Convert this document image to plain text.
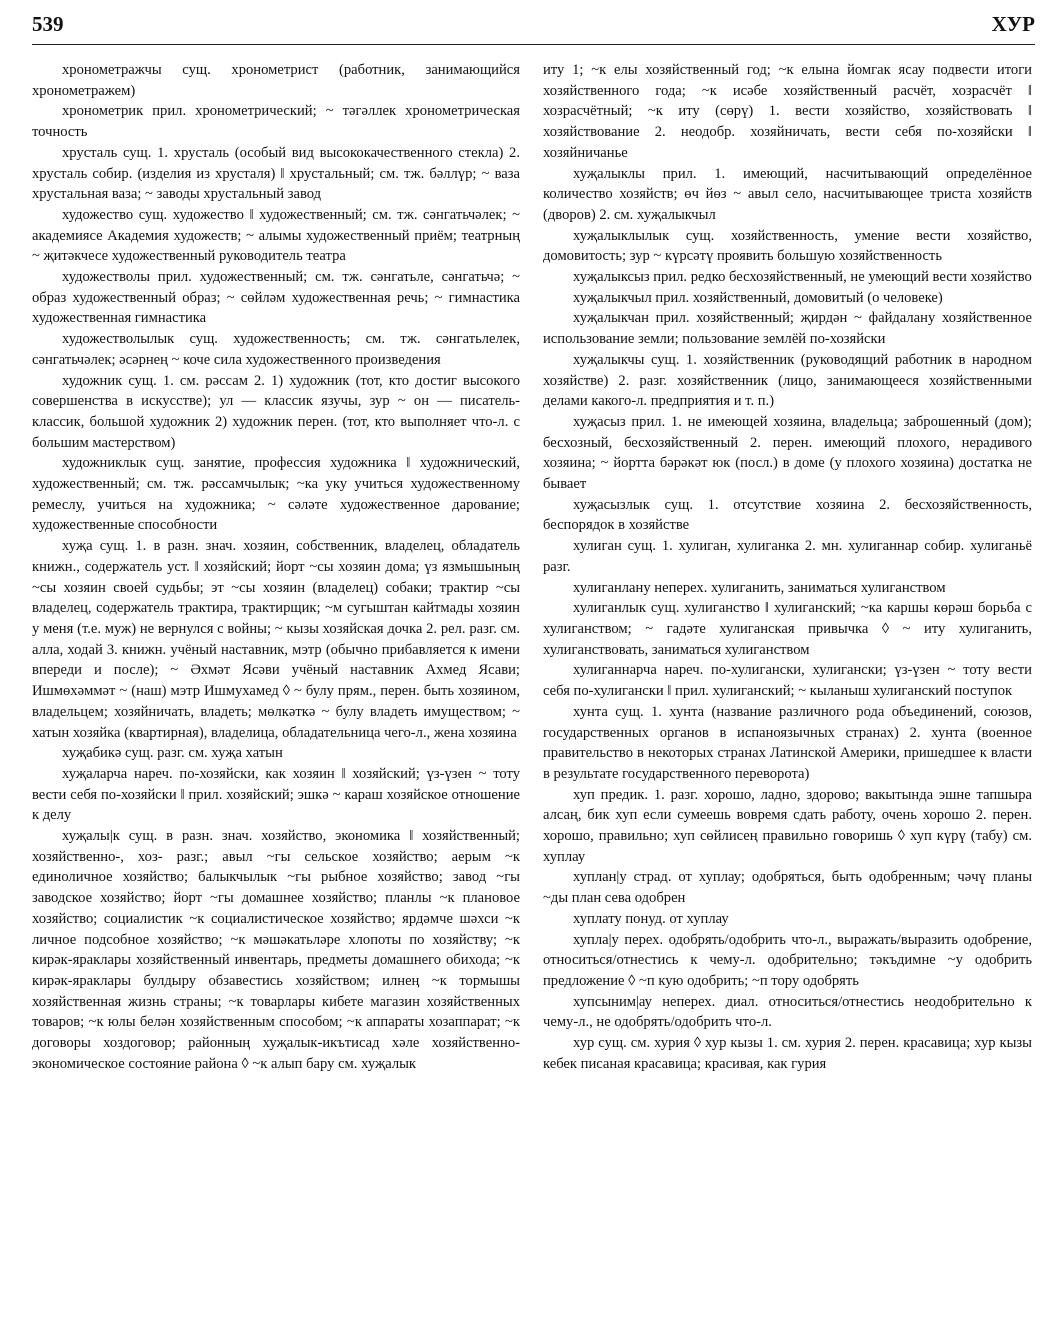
539	ХУР

хронометражчы сущ. хронометрист (работник, занимающийся хронометражем)

хронометрик прил. хронометрический; ~ тәгәллек хронометрическая точность

хрусталь сущ. 1. хрусталь (особый вид высококачественного стекла) 2. хрусталь собир. (изделия из хрусталя) ‖ хрустальный; см. тж. бәллүр; ~ ваза хрустальная ваза; ~ заводы хрустальный завод

художество сущ. художество ‖ художественный; см. тж. сәнгатьчәлек; ~ академиясе Академия художеств; ~ алымы художественный приём; театрның ~ җитәкчесе художественный руководитель театра

художестволы прил. художественный; см. тж. сәнгатьле, сәнгатьчә; ~ образ художественный образ; ~ сөйләм художественная речь; ~ гимнастика художественная гимнастика

художестволылык сущ. художественность; см. тж. сәнгатьлелек, сәнгатьчәлек; әсәрнең ~ коче сила художественного произведения

художник сущ. 1. см. рәссам 2. 1) художник (тот, кто достиг высокого совершенства в искусстве); ул — классик язучы, зур ~ он — писатель-классик, большой художник 2) художник перен. (тот, кто выполняет что-л. с большим мастерством)

художниклык сущ. занятие, профессия художника ‖ художнический, художественный; см. тж. рәссамчылык; ~ка уку учиться художественному ремеслу, учиться на художника; ~ сәләте художественное дарование; художественные способности

хуҗа сущ. 1. в разн. знач. хозяин, собственник, владелец, обладатель книжн., содержатель уст. ‖ хозяйский; йорт ~сы хозяин дома; үз язмышының ~сы хозяин своей судьбы; эт ~сы хозяин (владелец) собаки; трактир ~сы владелец, содержатель трактира, трактирщик; ~м сугыштан кайтмады хозяин у меня (т.е. муж) не вернулся с войны; ~ кызы хозяйская дочка 2. рел. разг. см. алла, ходай 3. книжн. учёный наставник, мэтр (обычно прибавляется к имени впереди и после); ~ Әхмәт Ясәви учёный наставник Ахмед Ясави; Ишмөхәммәт ~ (наш) мэтр Ишмухамед ◊ ~ булу прям., перен. быть хозяином, владельцем; хозяйничать, владеть; мөлкәткә ~ булу владеть имуществом; ~ хатын хозяйка (квартирная), владелица, обладательница чего-л., жена хозяина

хуҗабикә сущ. разг. см. хуҗа хатын

хуҗаларча нареч. по-хозяйски, как хозяин ‖ хозяйский; үз-үзен ~ тоту вести себя по-хозяйски ‖ прил. хозяйский; эшкә ~ караш хозяйское отношение к делу

хуҗалы|к сущ. в разн. знач. хозяйство, экономика ‖ хозяйственный; хозяйственно-, хоз- разг.; авыл ~гы сельское хозяйство; аерым ~к единоличное хозяйство; балыкчылык ~гы рыбное хозяйство; завод ~гы заводское хозяйство; йорт ~гы домашнее хозяйство; планлы ~к плановое хозяйство; социалистик ~к социалистическое хозяйство; ярдәмче шәхси ~к личное подсобное хозяйство; ~к мәшәкатьләре хлопоты по хозяйству; ~к кирәк-яраклары хозяйственный инвентарь, предметы домашнего обихода; ~к кирәк-яраклары булдыру обзавестись хозяйством; илнең ~к тормышы хозяйственная жизнь страны; ~к товарлары кибете магазин хозяйственных товаров; ~к юлы белән хозяйственным способом; ~к аппараты хозаппарат; ~к договоры хоздоговор; районның хуҗалык-икътисад хәле хозяйственно-экономическое состояние района ◊ ~к алып бару см. хуҗалык

иту 1; ~к елы хозяйственный год; ~к елына йомгак ясау подвести итоги хозяйственного года; ~к исәбе хозяйственный расчёт, хозрасчёт ‖ хозрасчётный; ~к иту (сөрү) 1. вести хозяйство, хозяйствовать ‖ хозяйствование 2. неодобр. хозяйничать, вести себя по-хозяйски ‖ хозяйничанье

хуҗалыклы прил. 1. имеющий, насчитывающий определённое количество хозяйств; өч йөз ~ авыл село, насчитывающее триста хозяйств (дворов) 2. см. хуҗалыкчыл

хуҗалыклылык сущ. хозяйственность, умение вести хозяйство, домовитость; зур ~ күрсәтү проявить большую хозяйственность

хуҗалыксыз прил. редко бесхозяйственный, не умеющий вести хозяйство

хуҗалыкчыл прил. хозяйственный, домовитый (о человеке)

хуҗалыкчан прил. хозяйственный; җирдән ~ файдалану хозяйственное использование земли; пользование землёй по-хозяйски

хуҗалыкчы сущ. 1. хозяйственник (руководящий работник в народном хозяйстве) 2. разг. хозяйственник (лицо, занимающееся хозяйственными делами какого-л. предприятия и т. п.)

хуҗасыз прил. 1. не имеющей хозяина, владельца; заброшенный (дом); бесхозный, бесхозяйственный 2. перен. имеющий плохого, нерадивого хозяина; ~ йортта бәрәкәт юк (посл.) в доме (у плохого хозяина) достатка не бывает

хуҗасызлык сущ. 1. отсутствие хозяина 2. бесхозяйственность, беспорядок в хозяйстве

хулиган сущ. 1. хулиган, хулиганка 2. мн. хулиганнар собир. хулиганьё разг.

хулиганлану неперех. хулиганить, заниматься хулиганством

хулиганлык сущ. хулиганство ‖ хулиганский; ~ка каршы көрәш борьба с хулиганством; ~ гадәте хулиганская привычка ◊ ~ иту хулиганить, хулиганствовать, заниматься хулиганством

хулиганнарча нареч. по-хулигански, хулигански; үз-үзен ~ тоту вести себя по-хулигански ‖ прил. хулиганский; ~ кыланыш хулиганский поступок

хунта сущ. 1. хунта (название различного рода объединений, союзов, государственных органов в испаноязычных странах) 2. хунта (военное правительство в некоторых странах Латинской Америки, пришедшее к власти в результате государственного переворота)

хуп предик. 1. разг. хорошо, ладно, здорово; вакытында эшне тапшыра алсаң, бик хуп если сумеешь вовремя сдать работу, очень хорошо 2. перен. хорошо, правильно; хуп сөйлисең правильно говоришь ◊ хуп күрү (табу) см. хуплау

хуплан|у страд. от хуплау; одобряться, быть одобренным; чәчү планы ~ды план сева одобрен

хуплату понуд. от хуплау

хупла|у перех. одобрять/одобрить что-л., выражать/выразить одобрение, относиться/отнестись к чему-л. одобрительно; тәкъдимне ~у одобрить предложение ◊ ~п кую одобрить; ~п тору одобрять

хупсыним|ау неперех. диал. относиться/отнестись неодобрительно к чему-л., не одобрять/одобрить что-л.

хур сущ. см. хурия ◊ хур кызы 1. см. хурия 2. перен. красавица; хур кызы кебек писаная красавица; красивая, как гурия
